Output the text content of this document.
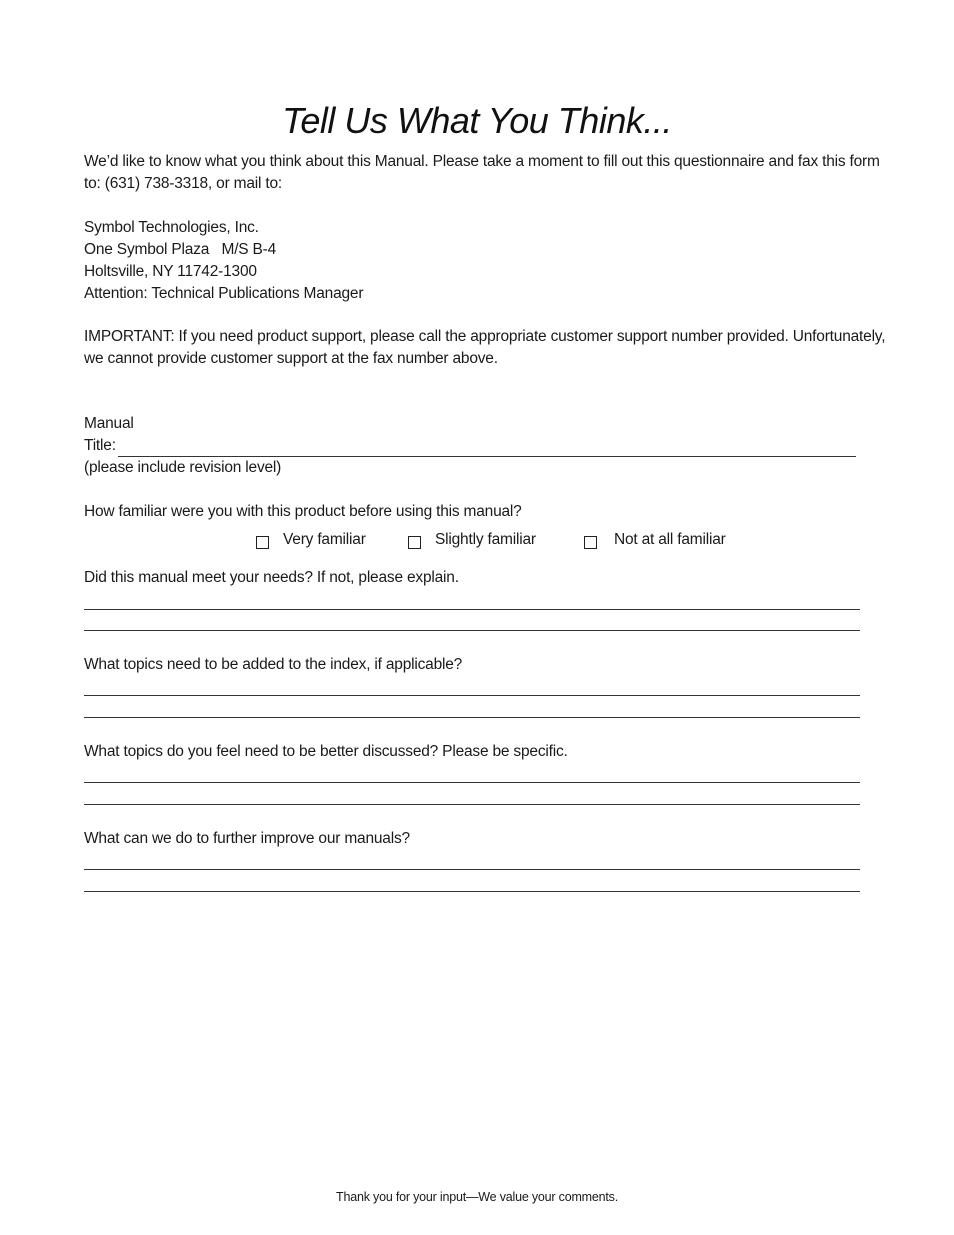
Tell Us What You Think...
We’d like to know what you think about this Manual. Please take a moment to fill out this questionnaire and fax this form to: (631) 738-3318, or mail to:
Symbol Technologies, Inc.
One Symbol Plaza   M/S B-4
Holtsville, NY 11742-1300
Attention: Technical Publications Manager
IMPORTANT: If you need product support, please call the appropriate customer support number provided. Unfortunately, we cannot provide customer support at the fax number above.
Manual
Title:
(please include revision level)
How familiar were you with this product before using this manual?
Very familiar	Slightly familiar	Not at all familiar
Did this manual meet your needs? If not, please explain.
What topics need to be added to the index, if applicable?
What topics do you feel need to be better discussed? Please be specific.
What can we do to further improve our manuals?
Thank you for your input—We value your comments.
